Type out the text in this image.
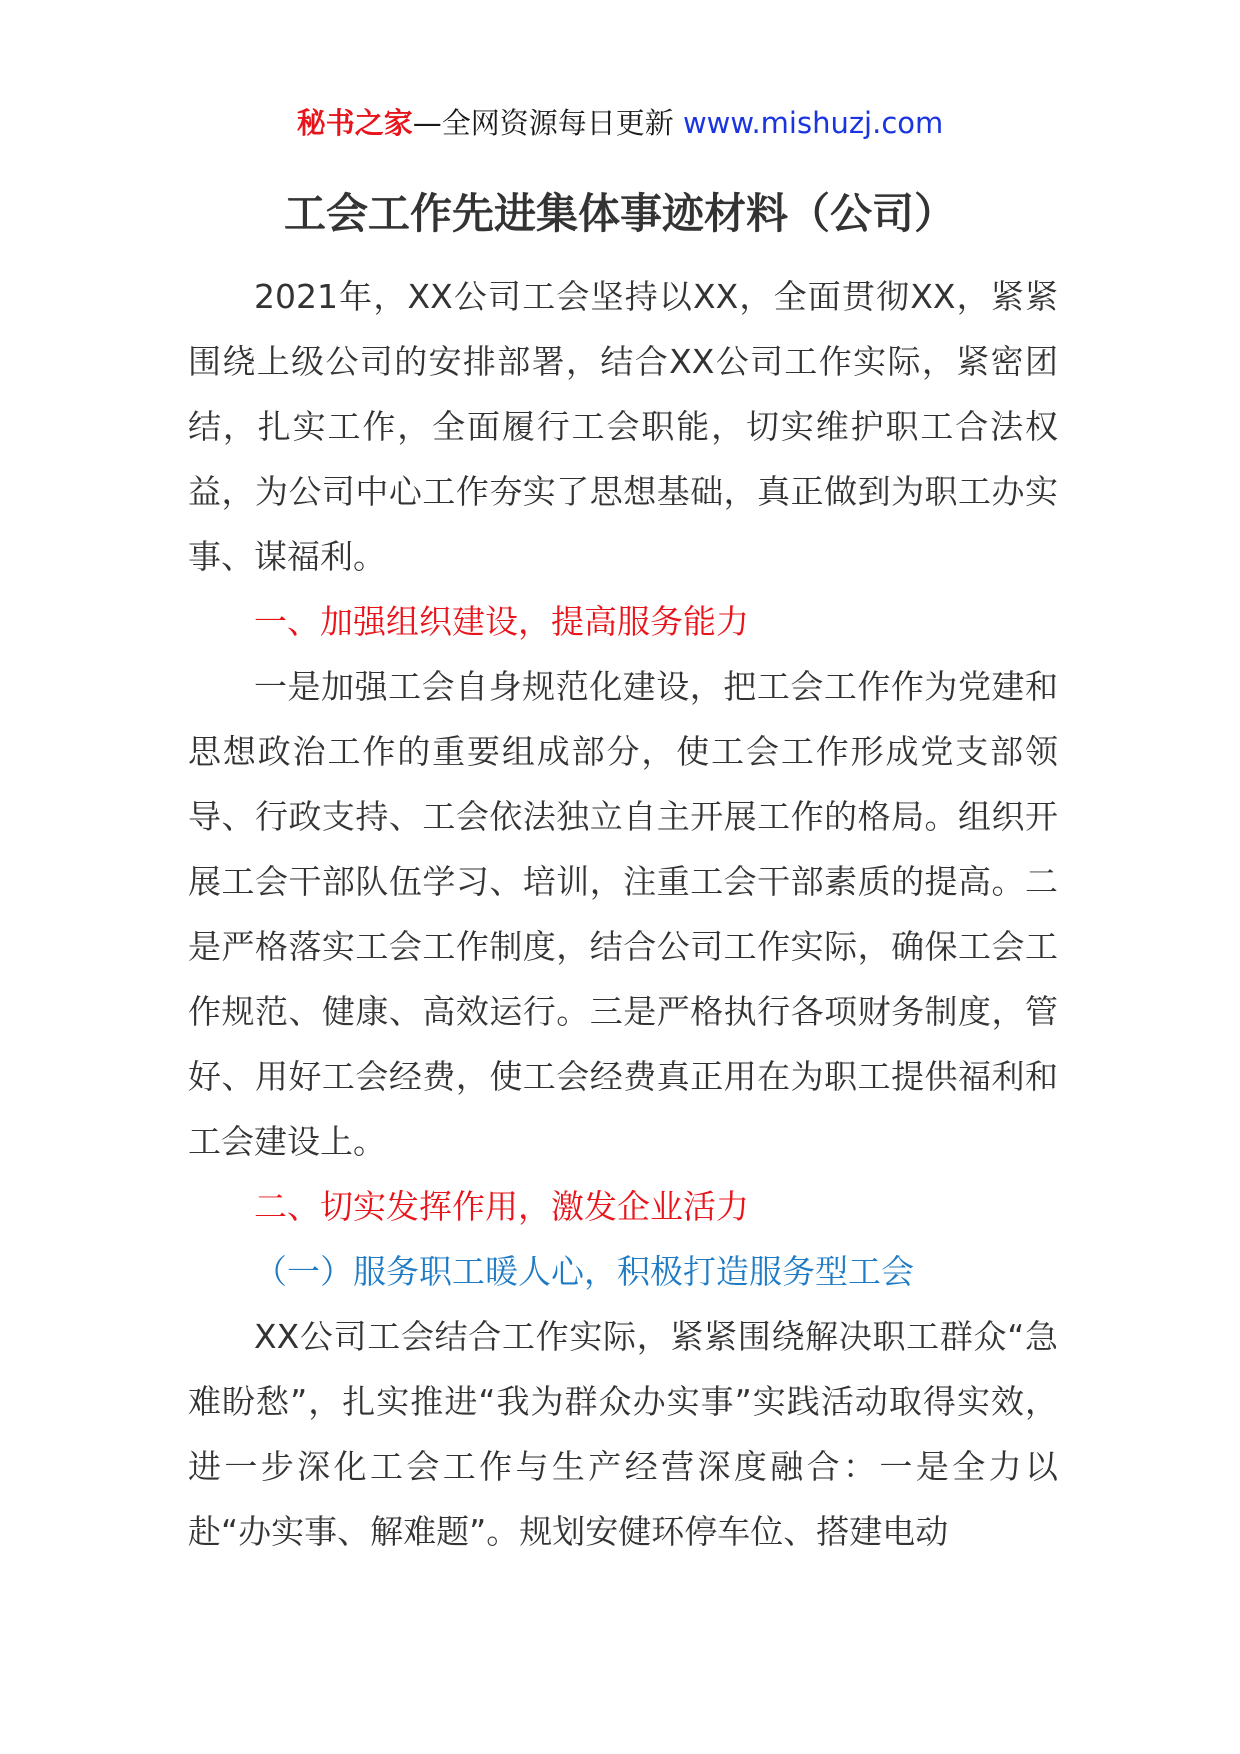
秘书之家—全网资源每日更新 www.mishuzj.com
工会工作先进集体事迹材料（公司）

2021年，XX公司工会坚持以XX，全面贯彻XX，紧紧围绕上级公司的安排部署，结合XX公司工作实际，紧密团结，扎实工作，全面履行工会职能，切实维护职工合法权益，为公司中心工作夯实了思想基础，真正做到为职工办实事、谋福利。

一、加强组织建设，提高服务能力

一是加强工会自身规范化建设，把工会工作作为党建和思想政治工作的重要组成部分，使工会工作形成党支部领导、行政支持、工会依法独立自主开展工作的格局。组织开展工会干部队伍学习、培训，注重工会干部素质的提高。二是严格落实工会工作制度，结合公司工作实际，确保工会工作规范、健康、高效运行。三是严格执行各项财务制度，管好、用好工会经费，使工会经费真正用在为职工提供福利和工会建设上。

二、切实发挥作用，激发企业活力

（一）服务职工暖人心，积极打造服务型工会

XX公司工会结合工作实际，紧紧围绕解决职工群众“急难盼愁”，扎实推进“我为群众办实事”实践活动取得实效，进一步深化工会工作与生产经营深度融合：一是全力以赴“办实事、解难题”。规划安健环停车位、搭建电动
